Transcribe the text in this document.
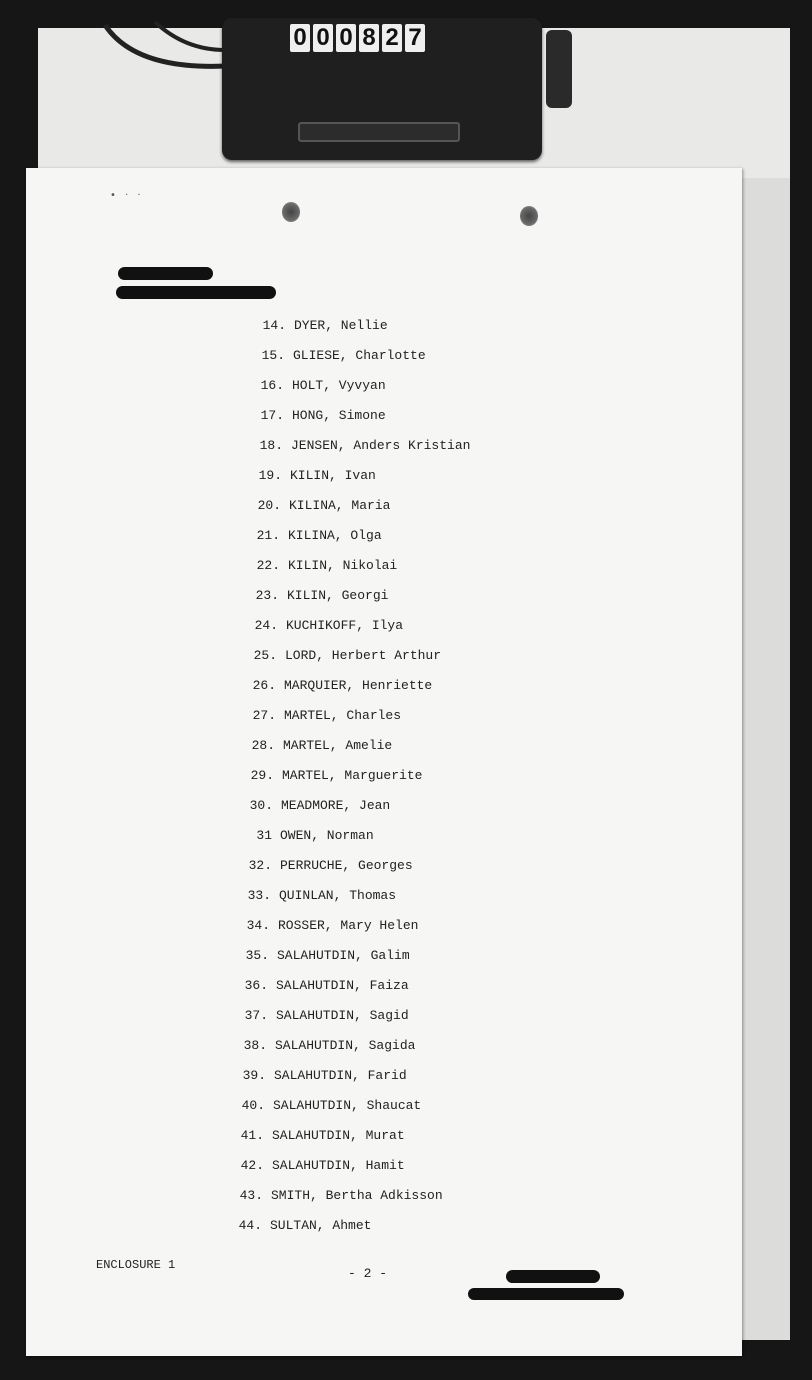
0 0 0 8 2 7
• · ·
14. DYER, Nellie
15. GLIESE, Charlotte
16. HOLT, Vyvyan
17. HONG, Simone
18. JENSEN, Anders Kristian
19. KILIN, Ivan
20. KILINA, Maria
21. KILINA, Olga
22. KILIN, Nikolai
23. KILIN, Georgi
24. KUCHIKOFF, Ilya
25. LORD, Herbert Arthur
26. MARQUIER, Henriette
27. MARTEL, Charles
28. MARTEL, Amelie
29. MARTEL, Marguerite
30. MEADMORE, Jean
31 OWEN, Norman
32. PERRUCHE, Georges
33. QUINLAN, Thomas
34. ROSSER, Mary Helen
35. SALAHUTDIN, Galim
36. SALAHUTDIN, Faiza
37. SALAHUTDIN, Sagid
38. SALAHUTDIN, Sagida
39. SALAHUTDIN, Farid
40. SALAHUTDIN, Shaucat
41. SALAHUTDIN, Murat
42. SALAHUTDIN, Hamit
43. SMITH, Bertha Adkisson
44. SULTAN, Ahmet
ENCLOSURE 1
- 2 -
